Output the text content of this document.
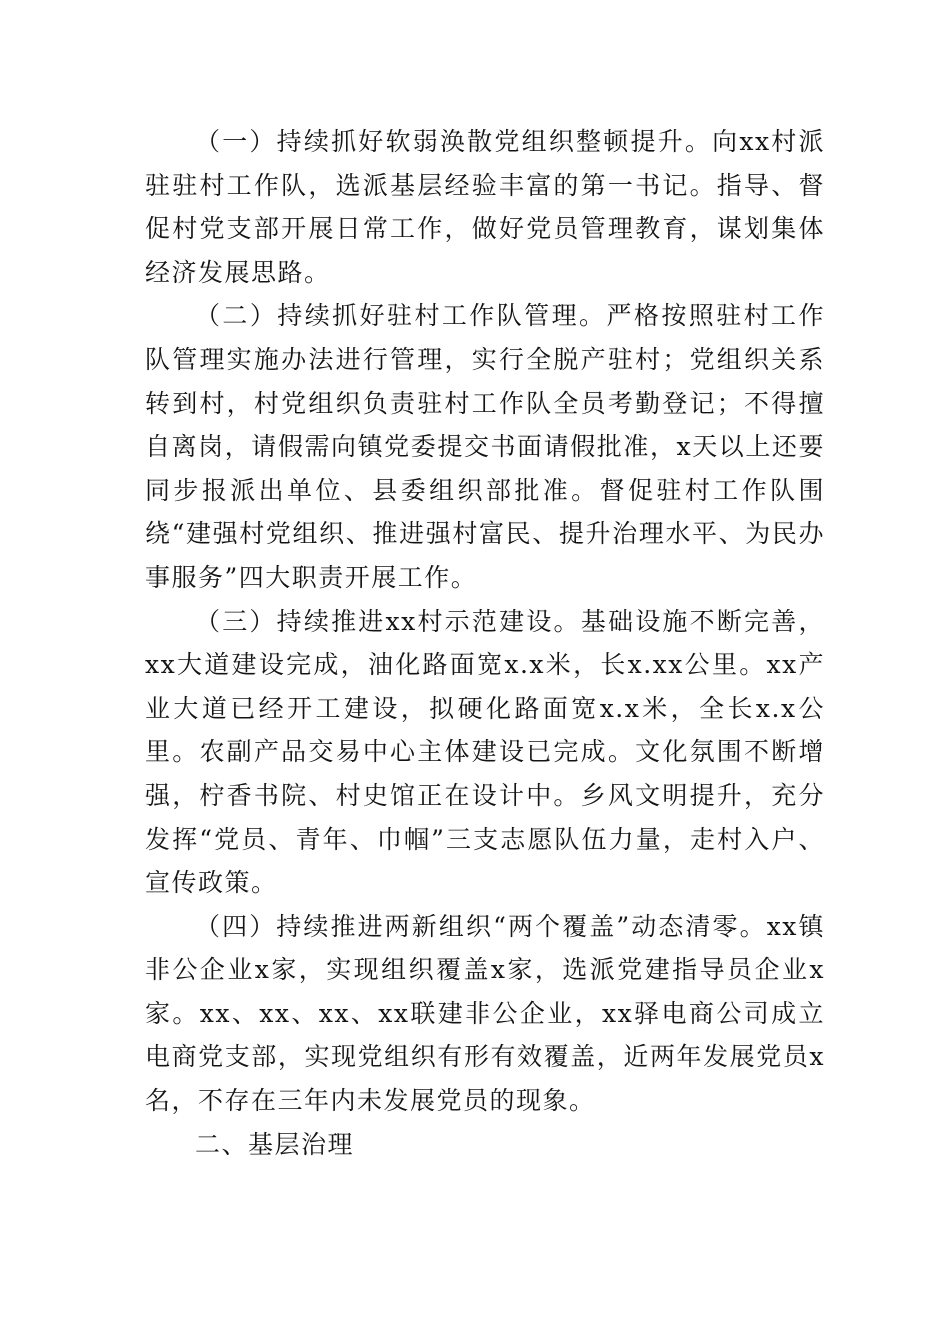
（一）持续抓好软弱涣散党组织整顿提升。向xx村派驻驻村工作队，选派基层经验丰富的第一书记。指导、督促村党支部开展日常工作，做好党员管理教育，谋划集体经济发展思路。

（二）持续抓好驻村工作队管理。严格按照驻村工作队管理实施办法进行管理，实行全脱产驻村；党组织关系转到村，村党组织负责驻村工作队全员考勤登记；不得擅自离岗，请假需向镇党委提交书面请假批准，x天以上还要同步报派出单位、县委组织部批准。督促驻村工作队围绕“建强村党组织、推进强村富民、提升治理水平、为民办事服务”四大职责开展工作。

（三）持续推进xx村示范建设。基础设施不断完善，xx大道建设完成，油化路面宽x.x米，长x.xx公里。xx产业大道已经开工建设，拟硬化路面宽x.x米，全长x.x公里。农副产品交易中心主体建设已完成。文化氛围不断增强，柠香书院、村史馆正在设计中。乡风文明提升，充分发挥“党员、青年、巾帼”三支志愿队伍力量，走村入户、宣传政策。

（四）持续推进两新组织“两个覆盖”动态清零。xx镇非公企业x家，实现组织覆盖x家，选派党建指导员企业x家。xx、xx、xx、xx联建非公企业，xx驿电商公司成立电商党支部，实现党组织有形有效覆盖，近两年发展党员x名，不存在三年内未发展党员的现象。

二、基层治理
